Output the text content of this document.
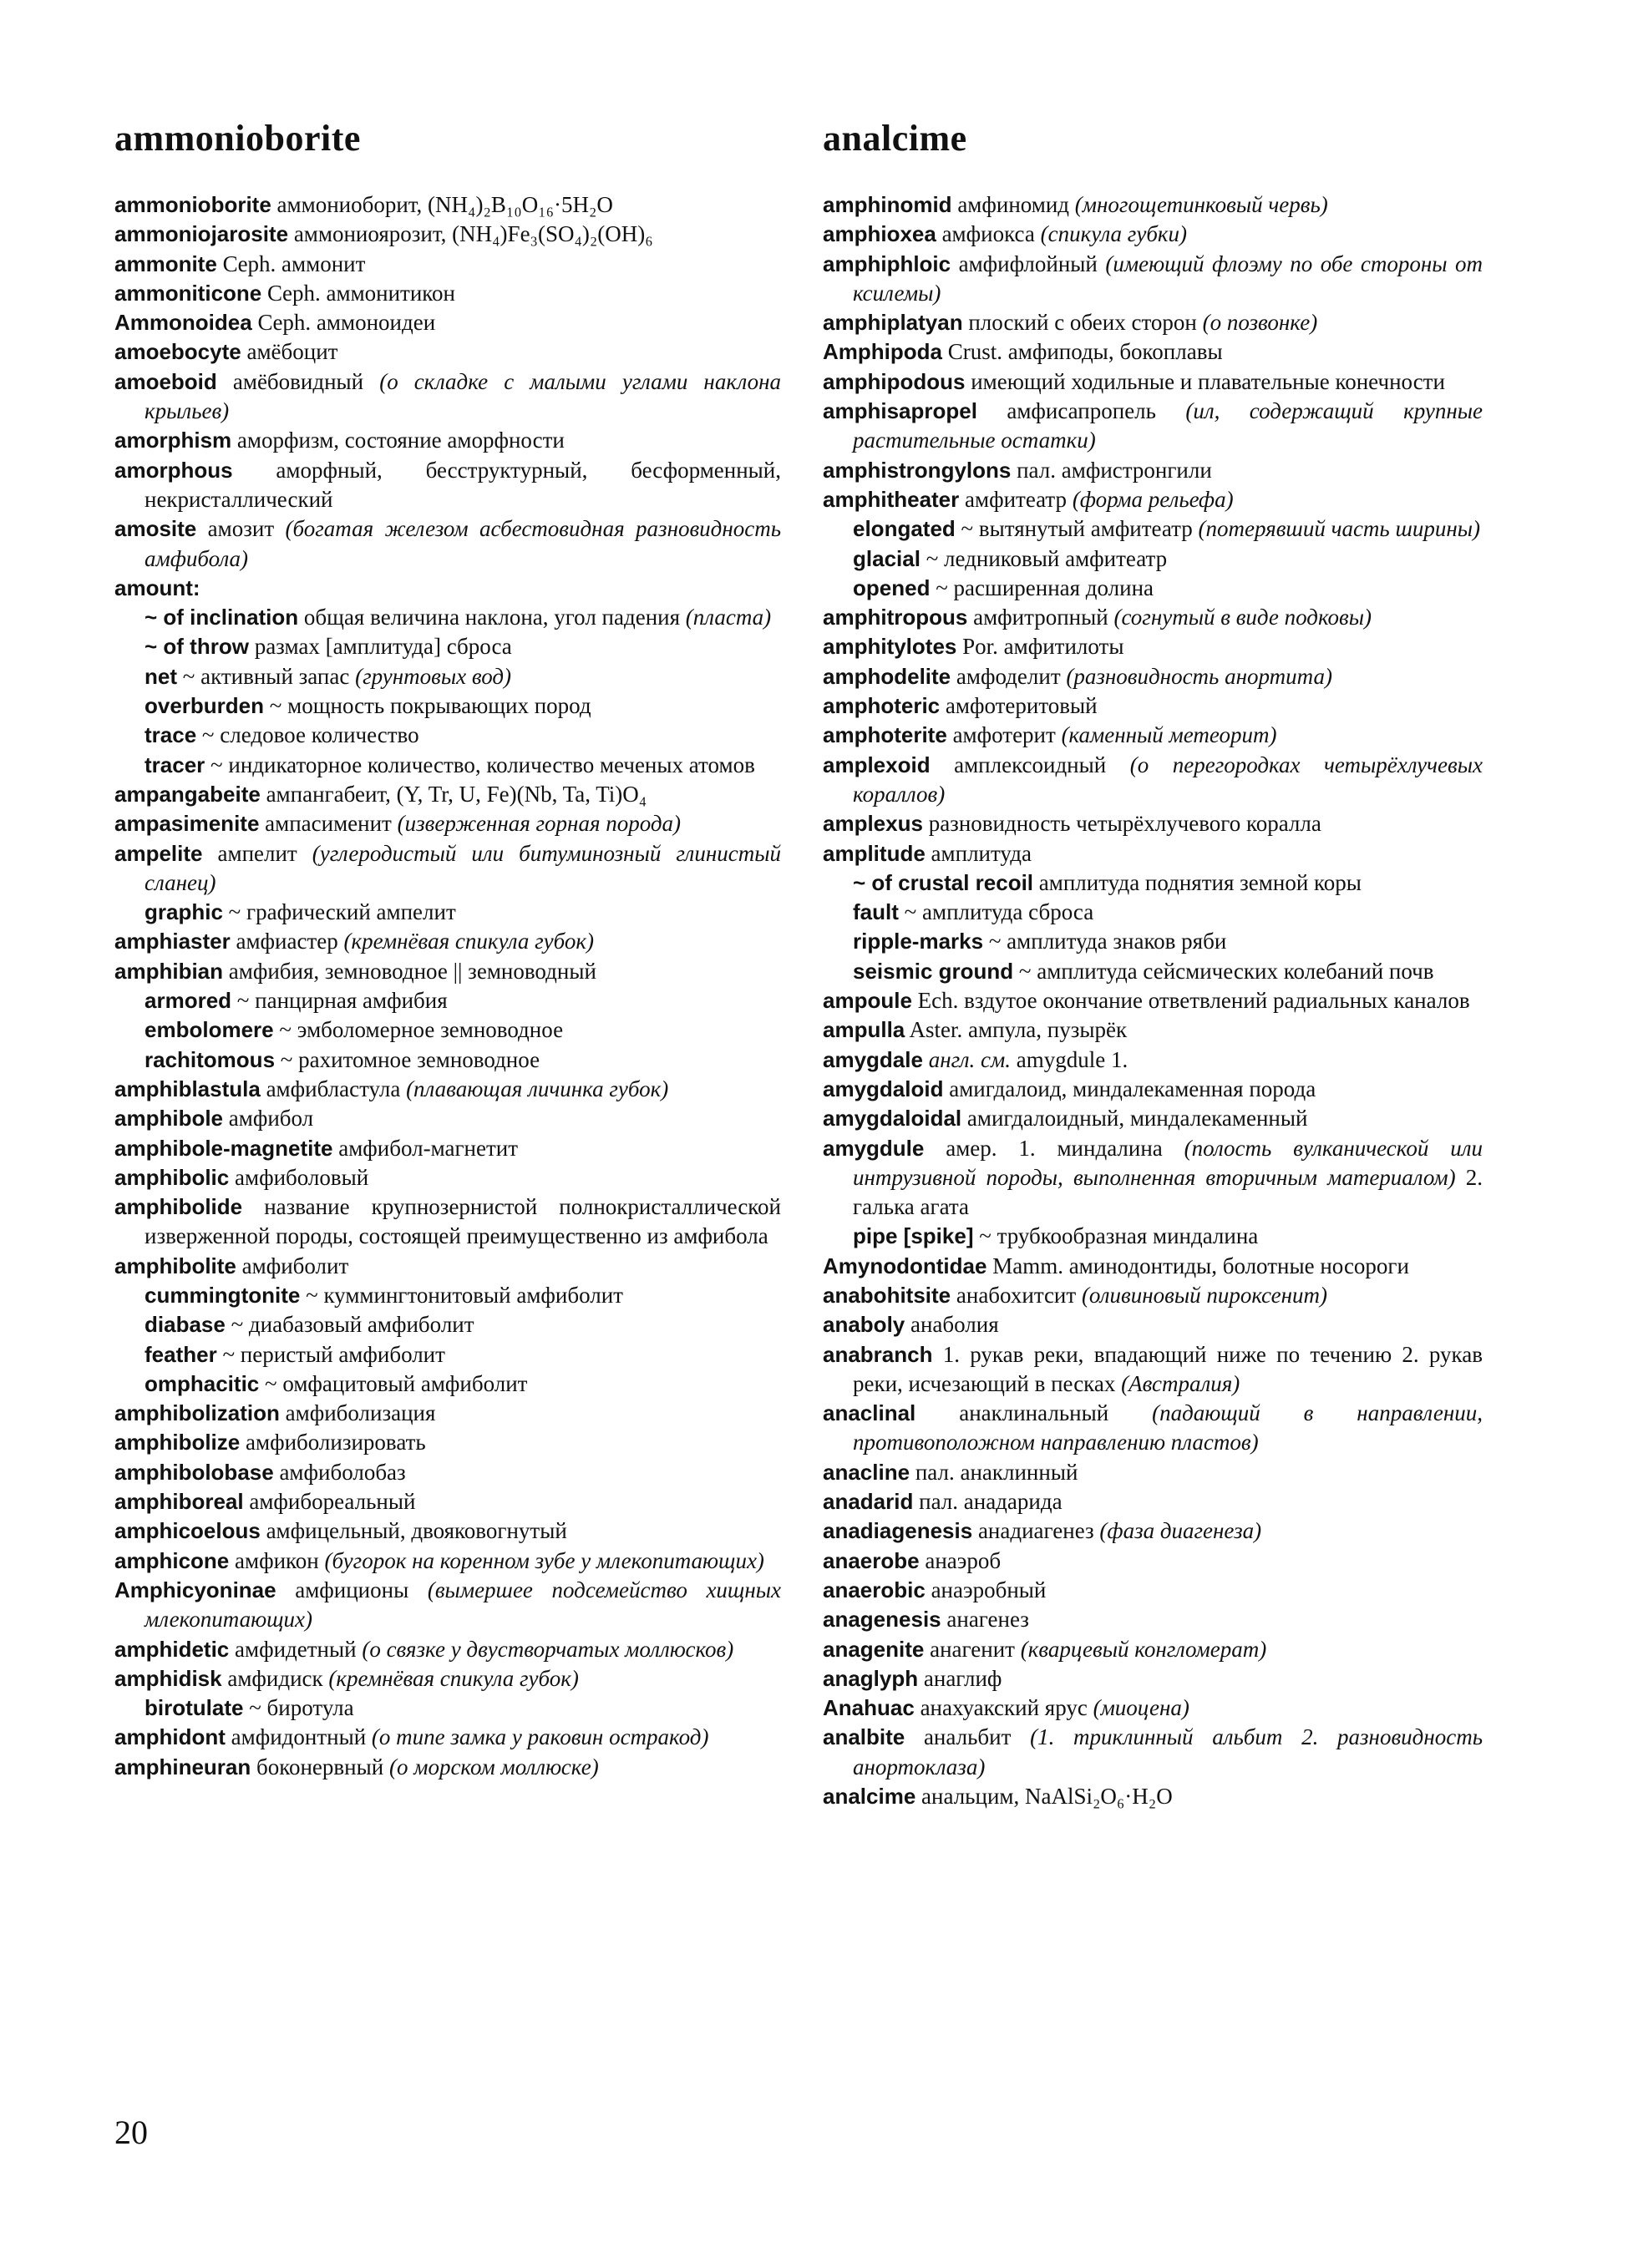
ammonioborite	analcime
ammonioborite аммониоборит, (NH₄)₂B₁₀O₁₆·5H₂O
ammoniojarosite аммониоярозит, (NH₄)Fe₃(SO₄)₂(OH)₆
ammonite Ceph. аммонит
ammoniticone Ceph. аммонитикон
Ammonoidea Ceph. аммоноидеи
amoebocyte амёбоцит
amoeboid амёбовидный (о складке с малыми углами наклона крыльев)
amorphism аморфизм, состояние аморфности
amorphous аморфный, бесструктурный, бесформенный, некристаллический
amosite амозит (богатая железом асбестовидная разновидность амфибола)
amount:
~ of inclination общая величина наклона, угол падения (пласта)
~ of throw размах [амплитуда] сброса
net ~ активный запас (грунтовых вод)
overburden ~ мощность покрывающих пород
trace ~ следовое количество
tracer ~ индикаторное количество, количество меченых атомов
ampangabeite ампангабеит, (Y, Tr, U, Fe)(Nb, Ta, Ti)O₄
ampasimenite ампасименит (изверженная горная порода)
ampelite ампелит (углеродистый или битуминозный глинистый сланец)
graphic ~ графический ампелит
amphiaster амфиастер (кремнёвая спикула губок)
amphibian амфибия, земноводное || земноводный
armored ~ панцирная амфибия
embolomere ~ эмболомерное земноводное
rachitomous ~ рахитомное земноводное
amphiblastula амфибластула (плавающая личинка губок)
amphibole амфибол
amphibole-magnetite амфибол-магнетит
amphibolic амфиболовый
amphibolide название крупнозернистой полнокристаллической изверженной породы, состоящей преимущественно из амфибола
amphibolite амфиболит
cummingtonite ~ куммингтонитовый амфиболит
diabase ~ диабазовый амфиболит
feather ~ перистый амфиболит
omphacitic ~ омфацитовый амфиболит
amphibolization амфиболизация
amphibolize амфиболизировать
amphibolobase амфиболобаз
amphiboreal амфибореальный
amphicoelous амфицельный, двояковогнутый
amphicone амфикон (бугорок на коренном зубе у млекопитающих)
Amphicyoninae амфиционы (вымершее подсемейство хищных млекопитающих)
amphidetic амфидетный (о связке у двустворчатых моллюсков)
amphidisk амфидиск (кремнёвая спикула губок)
birotulate ~ биротула
amphidont амфидонтный (о типе замка у раковин остракод)
amphineuran боконервный (о морском моллюске)
amphinomid амфиномид (многощетинковый червь)
amphioxea амфиокса (спикула губки)
amphiphloic амфифлойный (имеющий флоэму по обе стороны от ксилемы)
amphiplatyan плоский с обеих сторон (о позвонке)
Amphipoda Crust. амфиподы, бокоплавы
amphipodous имеющий ходильные и плавательные конечности
amphisapropel амфисапропель (ил, содержащий крупные растительные остатки)
amphistrongylons пал. амфистронгили
amphitheater амфитеатр (форма рельефа)
elongated ~ вытянутый амфитеатр (потерявший часть ширины)
glacial ~ ледниковый амфитеатр
opened ~ расширенная долина
amphitropous амфитропный (согнутый в виде подковы)
amphitylotes Por. амфитилоты
amphodelite амфоделит (разновидность анортита)
amphoteric амфотеритовый
amphoterite амфотерит (каменный метеорит)
amplexoid амплексоидный (о перегородках четырёхлучевых кораллов)
amplexus разновидность четырёхлучевого коралла
amplitude амплитуда
~ of crustal recoil амплитуда поднятия земной коры
fault ~ амплитуда сброса
ripple-marks ~ амплитуда знаков ряби
seismic ground ~ амплитуда сейсмических колебаний почв
ampoule Ech. вздутое окончание ответвлений радиальных каналов
ampulla Aster. ампула, пузырёк
amygdale англ. см. amygdule 1.
amygdaloid амигдалоид, миндалекаменная порода
amygdaloidal амигдалоидный, миндалекаменный
amygdule амер. 1. миндалина (полость вулканической или интрузивной породы, выполненная вторичным материалом) 2. галька агата
pipe [spike] ~ трубкообразная миндалина
Amynodontidae Mamm. аминодонтиды, болотные носороги
anabohitsite анабохитсит (оливиновый пироксенит)
anaboly анаболия
anabranch 1. рукав реки, впадающий ниже по течению 2. рукав реки, исчезающий в песках (Австралия)
anaclinal анаклинальный (падающий в направлении, противоположном направлению пластов)
anacline пал. анаклинный
anadarid пал. анадарида
anadiagenesis анадиагенез (фаза диагенеза)
anaerobe анаэроб
anaerobic анаэробный
anagenesis анагенез
anagenite анагенит (кварцевый конгломерат)
anaglyph анаглиф
Anahuac анахуакский ярус (миоцена)
analbite анальбит (1. триклинный альбит 2. разновидность анортоклаза)
analcime анальцим, NaAlSi₂O₆·H₂O
20
